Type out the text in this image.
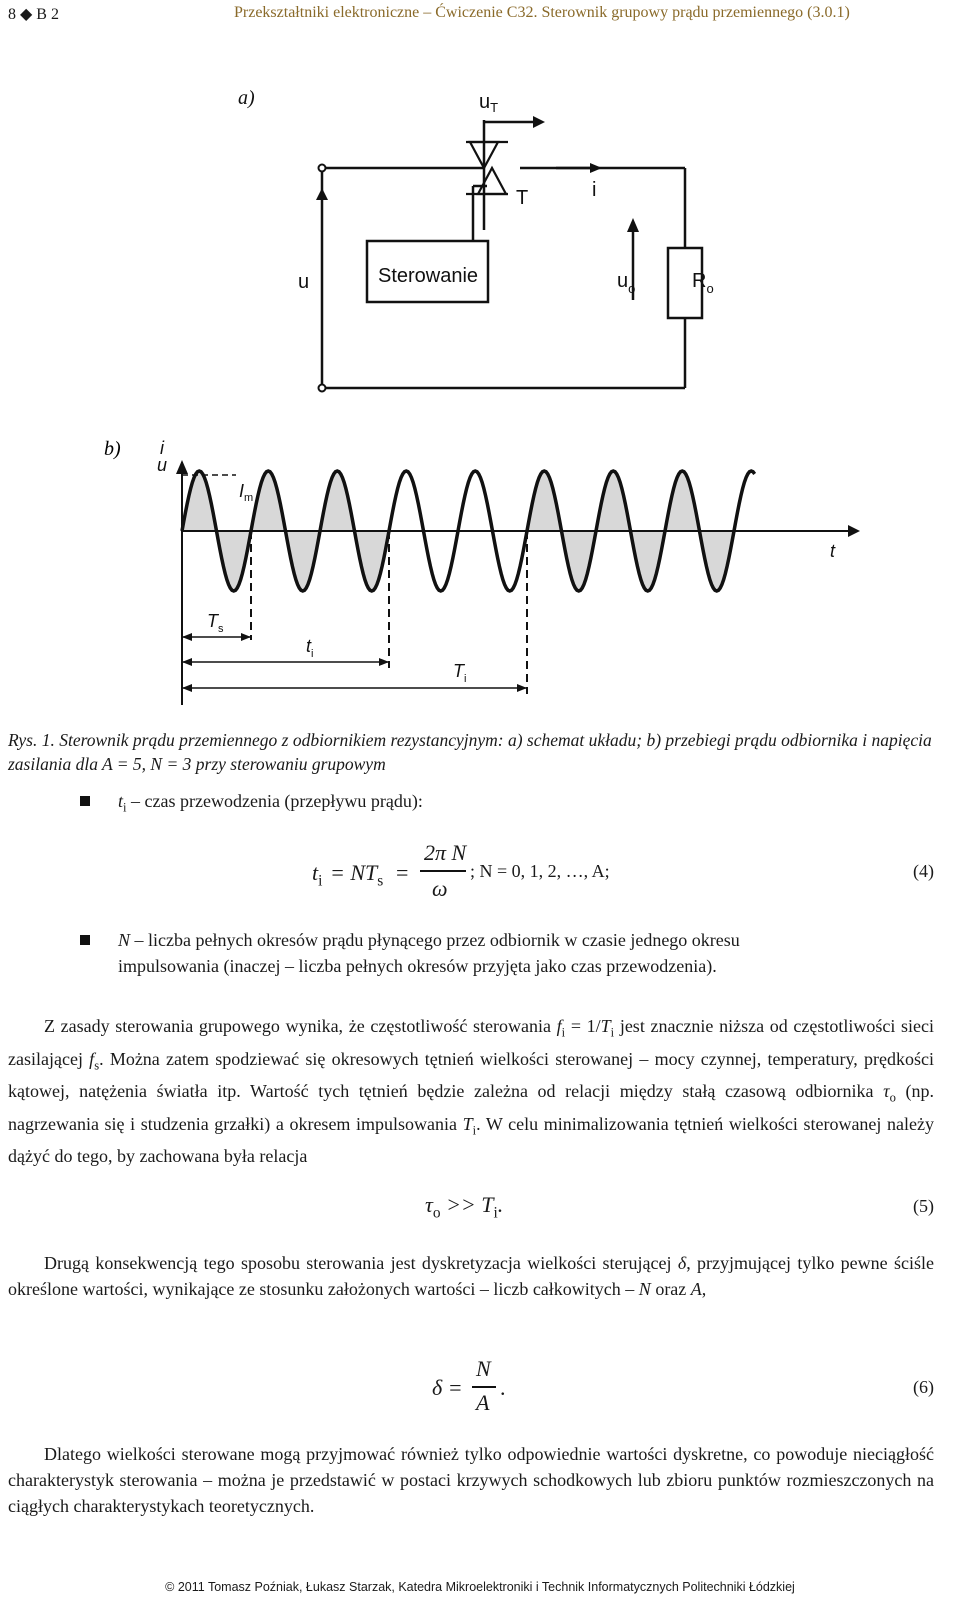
8 ◆ B 2	Przekształtniki elektroniczne – Ćwiczenie C32. Sterownik grupowy prądu przemiennego (3.0.1)
a)	$u_T$
T	i
u	Sterowanie	$u_o$	$R_o$
b) i
u
t
$I_m$
$T_s$
$t_i$
$T_i$
Rys. 1. Sterownik prądu przemiennego z odbiornikiem rezystancyjnym: a) schemat układu; b) przebiegi prądu odbiornika i napięcia zasilania dla A = 5, N = 3 przy sterowaniu grupowym
$t_i$ – czas przewodzenia (przepływu prądu):
$t_i = NT_s$ =
2π N
ω
; N = 0, 1, 2, …, A;	(4)
N – liczba pełnych okresów prądu płynącego przez odbiornik w czasie jednego okresu impulsowania (inaczej – liczba pełnych okresów przyjęta jako czas przewodzenia).

Z zasady sterowania grupowego wynika, że częstotliwość sterowania $f_i = 1/T_i$ jest znacznie niższa od częstotliwości sieci zasilającej $f_s$. Można zatem spodziewać się okresowych tętnień wielkości sterowanej – mocy czynnej, temperatury, prędkości kątowej, natężenia światła itp. Wartość tych tętnień będzie zależna od relacji między stałą czasową odbiornika $\tau_o$ (np. nagrzewania się i studzenia grzałki) a okresem impulsowania $T_i$. W celu minimalizowania tętnień wielkości sterowanej należy dążyć do tego, by zachowana była relacja

$\tau_o >> T_i$.	(5)

Drugą konsekwencją tego sposobu sterowania jest dyskretyzacja wielkości sterującej δ, przyjmującej tylko pewne ściśle określone wartości, wynikające ze stosunku założonych wartości – liczb całkowitych – N oraz A,

δ =
N
A
.	(6)

Dlatego wielkości sterowane mogą przyjmować również tylko odpowiednie wartości dyskretne, co powoduje nieciągłość charakterystyk sterowania – można je przedstawić w postaci krzywych schodkowych lub zbioru punktów rozmieszczonych na ciągłych charakterystykach teoretycznych.

© 2011 Tomasz Poźniak, Łukasz Starzak, Katedra Mikroelektroniki i Technik Informatycznych Politechniki Łódzkiej
